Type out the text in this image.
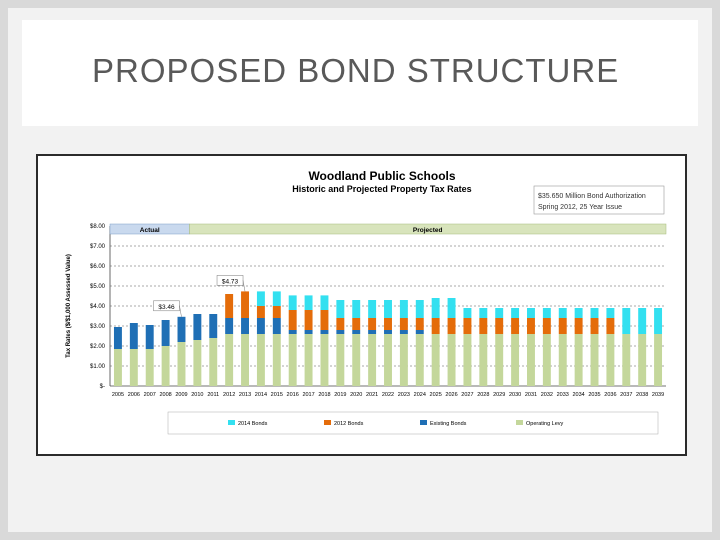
PROPOSED BOND STRUCTURE
Woodland Public Schools
Historic and Projected Property Tax Rates
$35.650 Million Bond Authorization
Spring 2012, 25 Year Issue
Tax Rates ($/$1,000 Assessed Value)
$-
$1.00
$2.00
$3.00
$4.00
$5.00
$6.00
$7.00
$8.00	Actual	Projected
2005 2006 2007 2008 2009 2010 2011 2012 2013 2014 2015 2016 2017 2018 2019 2020 2021 2022 2023 2024 2025 2026 2027 2028 2029 2030 2031 2032 2033 2034 2035 2036 2037 2038 2039
$4.73
$3.46
2014 Bonds	2012 Bonds	Existing Bonds	Operating Levy
